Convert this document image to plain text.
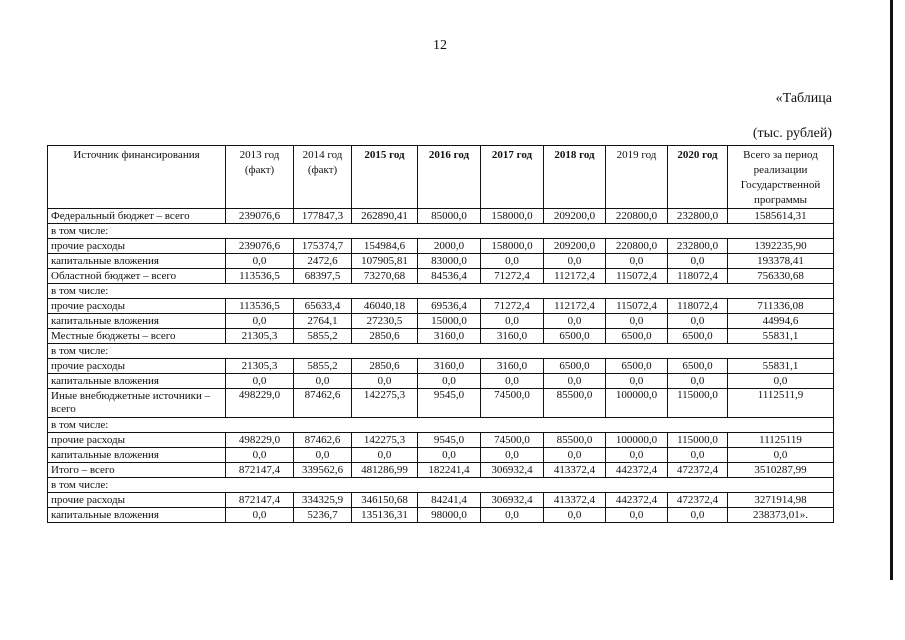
12
«Таблица
(тыс. рублей)
Источник финансирования	2013 год (факт)	2014 год (факт)	2015 год	2016 год	2017 год	2018 год	2019 год	2020 год	Всего за период реализации Государственной программы
Федеральный бюджет – всего	239076,6	177847,3	262890,41	85000,0	158000,0	209200,0	220800,0	232800,0	1585614,31
в том числе:									
прочие расходы	239076,6	175374,7	154984,6	2000,0	158000,0	209200,0	220800,0	232800,0	1392235,90
капитальные вложения	0,0	2472,6	107905,81	83000,0	0,0	0,0	0,0	0,0	193378,41
Областной бюджет – всего	113536,5	68397,5	73270,68	84536,4	71272,4	112172,4	115072,4	118072,4	756330,68
в том числе:									
прочие расходы	113536,5	65633,4	46040,18	69536,4	71272,4	112172,4	115072,4	118072,4	711336,08
капитальные вложения	0,0	2764,1	27230,5	15000,0	0,0	0,0	0,0	0,0	44994,6
Местные бюджеты – всего	21305,3	5855,2	2850,6	3160,0	3160,0	6500,0	6500,0	6500,0	55831,1
в том числе:									
прочие расходы	21305,3	5855,2	2850,6	3160,0	3160,0	6500,0	6500,0	6500,0	55831,1
капитальные вложения	0,0	0,0	0,0	0,0	0,0	0,0	0,0	0,0	0,0
Иные внебюджетные источники – всего	498229,0	87462,6	142275,3	9545,0	74500,0	85500,0	100000,0	115000,0	1112511,9
в том числе:									
прочие расходы	498229,0	87462,6	142275,3	9545,0	74500,0	85500,0	100000,0	115000,0	11125119
капитальные вложения	0,0	0,0	0,0	0,0	0,0	0,0	0,0	0,0	0,0
Итого – всего	872147,4	339562,6	481286,99	182241,4	306932,4	413372,4	442372,4	472372,4	3510287,99
в том числе:									
прочие расходы	872147,4	334325,9	346150,68	84241,4	306932,4	413372,4	442372,4	472372,4	3271914,98
капитальные вложения	0,0	5236,7	135136,31	98000,0	0,0	0,0	0,0	0,0	238373,01».
